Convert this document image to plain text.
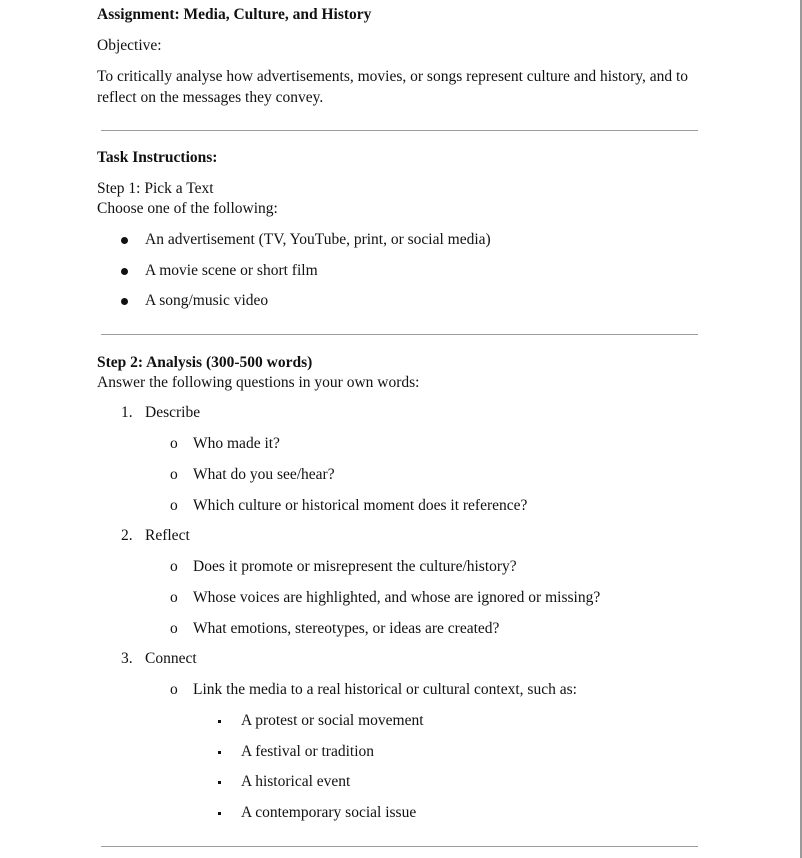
Assignment: Media, Culture, and History
Objective:
To critically analyse how advertisements, movies, or songs represent culture and history, and to reflect on the messages they convey.
Task Instructions:
Step 1: Pick a Text
Choose one of the following:
An advertisement (TV, YouTube, print, or social media)
A movie scene or short film
A song/music video
Step 2: Analysis (300-500 words)
Answer the following questions in your own words:
1. Describe
o Who made it?
o What do you see/hear?
o Which culture or historical moment does it reference?
2. Reflect
o Does it promote or misrepresent the culture/history?
o Whose voices are highlighted, and whose are ignored or missing?
o What emotions, stereotypes, or ideas are created?
3. Connect
o Link the media to a real historical or cultural context, such as:
A protest or social movement
A festival or tradition
A historical event
A contemporary social issue
